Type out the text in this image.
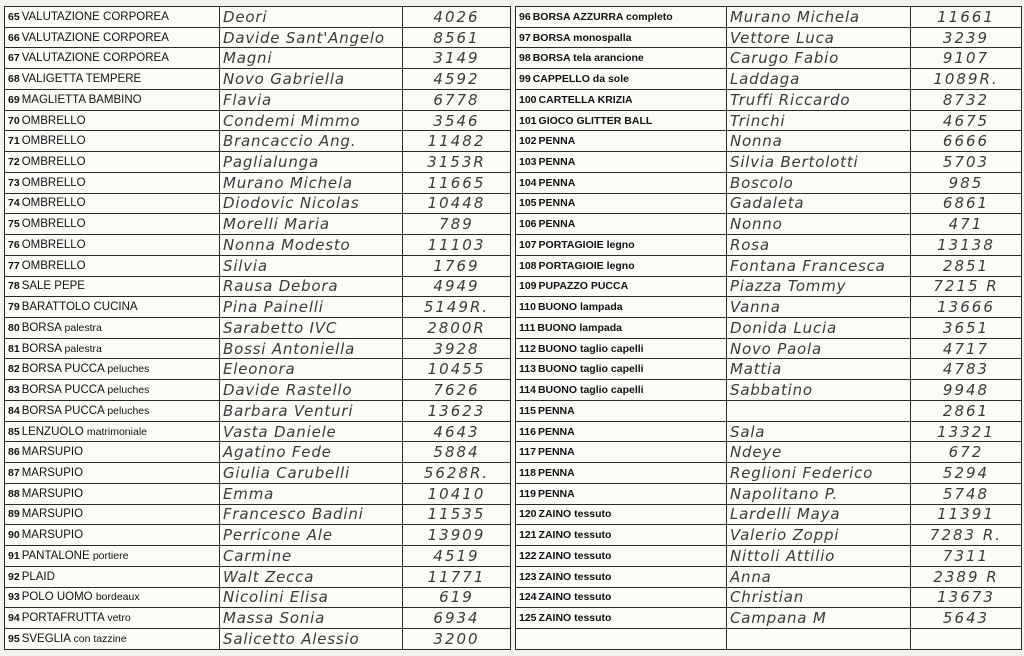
65 VALUTAZIONE CORPOREA	Deori	4026
66 VALUTAZIONE CORPOREA	Davide Sant'Angelo	8561
67 VALUTAZIONE CORPOREA	Magni	3149
68 VALIGETTA TEMPERE	Novo Gabriella	4592
69 MAGLIETTA BAMBINO	Flavia	6778
70 OMBRELLO	Condemi Mimmo	3546
71 OMBRELLO	Brancaccio Ang.	11482
72 OMBRELLO	Paglialunga	3153R
73 OMBRELLO	Murano Michela	11665
74 OMBRELLO	Diodovic Nicolas	10448
75 OMBRELLO	Morelli Maria	789
76 OMBRELLO	Nonna Modesto	11103
77 OMBRELLO	Silvia	1769
78 SALE PEPE	Rausa Debora	4949
79 BARATTOLO CUCINA	Pina Painelli	5149R.
80 BORSA palestra	Sarabetto IVC	2800R
81 BORSA palestra	Bossi Antoniella	3928
82 BORSA PUCCA peluches	Eleonora	10455
83 BORSA PUCCA peluches	Davide Rastello	7626
84 BORSA PUCCA peluches	Barbara Venturi	13623
85 LENZUOLO matrimoniale	Vasta Daniele	4643
86 MARSUPIO	Agatino Fede	5884
87 MARSUPIO	Giulia Carubelli	5628R.
88 MARSUPIO	Emma	10410
89 MARSUPIO	Francesco Badini	11535
90 MARSUPIO	Perricone Ale	13909
91 PANTALONE portiere	Carmine	4519
92 PLAID	Walt Zecca	11771
93 POLO UOMO bordeaux	Nicolini Elisa	619
94 PORTAFRUTTA vetro	Massa Sonia	6934
95 SVEGLIA con tazzine	Salicetto Alessio	3200
96 BORSA AZZURRA completo	Murano Michela	11661
97 BORSA monospalla	Vettore Luca	3239
98 BORSA tela arancione	Carugo Fabio	9107
99 CAPPELLO da sole	Laddaga	1089R.
100 CARTELLA KRIZIA	Truffi Riccardo	8732
101 GIOCO GLITTER BALL	Trinchi	4675
102 PENNA	Nonna	6666
103 PENNA	Silvia Bertolotti	5703
104 PENNA	Boscolo	985
105 PENNA	Gadaleta	6861
106 PENNA	Nonno	471
107 PORTAGIOIE legno	Rosa	13138
108 PORTAGIOIE legno	Fontana Francesca	2851
109 PUPAZZO PUCCA	Piazza Tommy	7215 R
110 BUONO lampada	Vanna	13666
111 BUONO lampada	Donida Lucia	3651
112 BUONO taglio capelli	Novo Paola	4717
113 BUONO taglio capelli	Mattia	4783
114 BUONO taglio capelli	Sabbatino	9948
115 PENNA		2861
116 PENNA	Sala	13321
117 PENNA	Ndeye	672
118 PENNA	Reglioni Federico	5294
119 PENNA	Napolitano P.	5748
120 ZAINO tessuto	Lardelli Maya	11391
121 ZAINO tessuto	Valerio Zoppi	7283 R.
122 ZAINO tessuto	Nittoli Attilio	7311
123 ZAINO tessuto	Anna	2389 R
124 ZAINO tessuto	Christian	13673
125 ZAINO tessuto	Campana M	5643
